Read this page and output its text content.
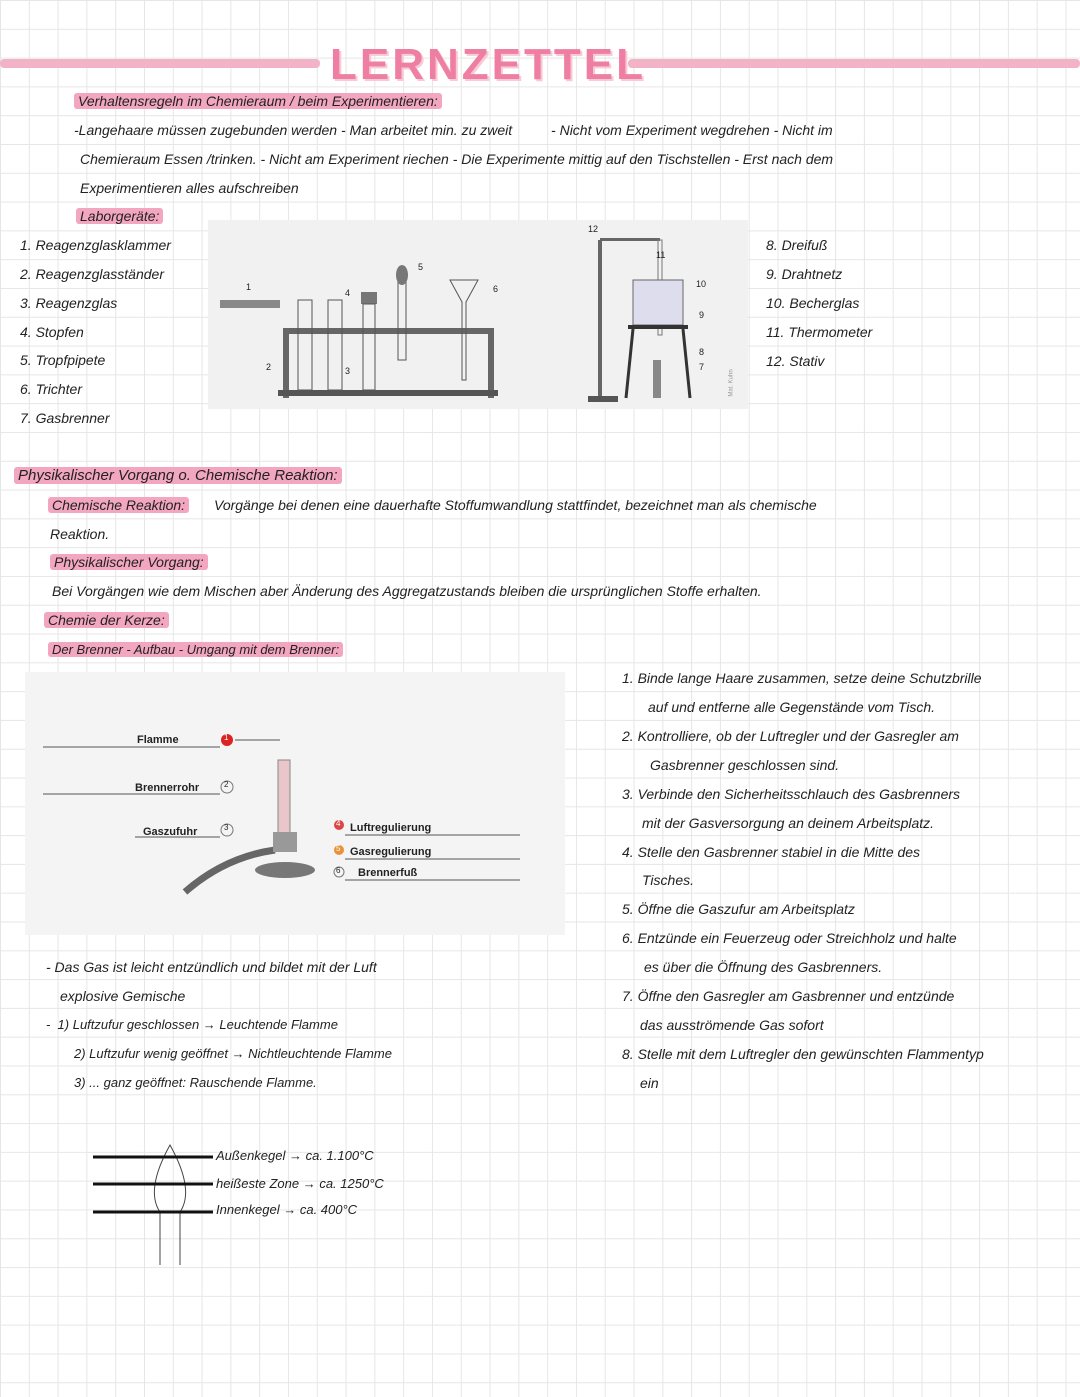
LERNZETTEL
Verhaltensregeln im Chemieraum / beim Experimentieren:
-Langehaare müssen zugebunden werden - Man arbeitet min. zu zweit          - Nicht vom Experiment wegdrehen - Nicht im
Chemieraum Essen /trinken. - Nicht am Experiment riechen - Die Experimente mittig auf den Tischstellen - Erst nach dem
Experimentieren alles aufschreiben
Laborgeräte:
1. Reagenzglasklammer
2. Reagenzglasständer
3. Reagenzglas
4. Stopfen
5. Tropfpipete
6. Trichter
7. Gasbrenner
1
2	3
4
5
6
7
8
9
10
11
12
Mat. Kuhn
8. Dreifuß
9. Drahtnetz
10. Becherglas
11. Thermometer
12. Stativ
Physikalischer Vorgang o. Chemische Reaktion:
Chemische Reaktion: Vorgänge bei denen eine dauerhafte Stoffumwandlung stattfindet, bezeichnet man als chemische
Reaktion.
Physikalischer Vorgang:
Bei Vorgängen wie dem Mischen aber Änderung des Aggregatzustands bleiben die ursprünglichen Stoffe erhalten.
Chemie der Kerze:
Der Brenner - Aufbau - Umgang mit dem Brenner:
Flamme
Brennerrohr
Gaszufuhr	Luftregulierung
Gasregulierung
Brennerfuß
1
2
3	4
5
6
1. Binde lange Haare zusammen, setze deine Schutzbrille
auf und entferne alle Gegenstände vom Tisch.
2. Kontrolliere, ob der Luftregler und der Gasregler am
Gasbrenner geschlossen sind.
3. Verbinde den Sicherheitsschlauch des Gasbrenners
mit der Gasversorgung an deinem Arbeitsplatz.
4. Stelle den Gasbrenner stabiel in die Mitte des
Tisches.
5. Öffne die Gaszufur am Arbeitsplatz
6. Entzünde ein Feuerzeug oder Streichholz und halte
es über die Öffnung des Gasbrenners.
7. Öffne den Gasregler am Gasbrenner und entzünde
das ausströmende Gas sofort
8. Stelle mit dem Luftregler den gewünschten Flammentyp
ein
- Das Gas ist leicht entzündlich und bildet mit der Luft
explosive Gemische
-  1) Luftzufur geschlossen → Leuchtende Flamme
2) Luftzufur wenig geöffnet → Nichtleuchtende Flamme
3) ... ganz geöffnet: Rauschende Flamme.
Außenkegel → ca. 1.100°C
heißeste Zone → ca. 1250°C
Innenkegel → ca. 400°C
